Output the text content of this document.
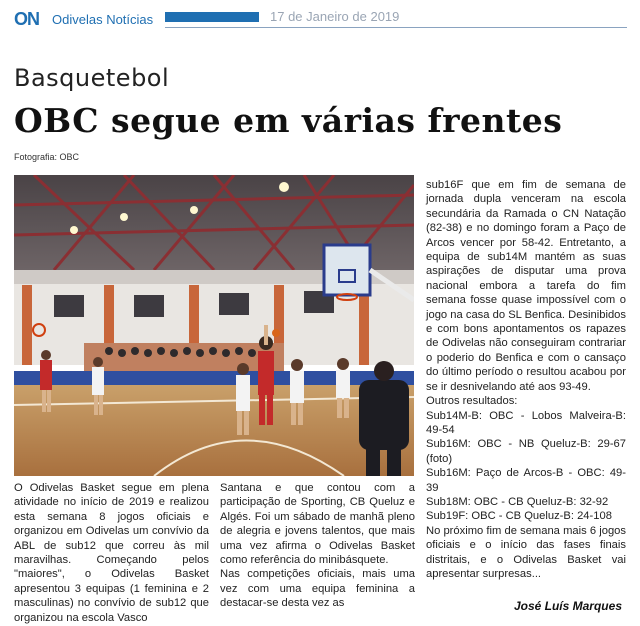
ON Odivelas Notícias	17 de Janeiro de 2019
Basquetebol
OBC segue em várias frentes
Fotografia: OBC

O Odivelas Basket segue em plena atividade no início de 2019 e realizou esta semana 8 jogos oficiais e organizou em Odivelas um convívio da ABL de sub12 que correu às mil maravilhas. Começando pelos "maiores", o Odivelas Basket apresentou 3 equipas (1 feminina e 2 masculinas) no convívio de sub12 que organizou na escola Vasco

Santana e que contou com a participação de Sporting, CB Queluz e Algés. Foi um sábado de manhã pleno de alegria e jovens talentos, que mais uma vez afirma o Odivelas Basket como referência do minibásquete.

Nas competições oficiais, mais uma vez com uma equipa feminina a destacar-se desta vez as

sub16F que em fim de semana de jornada dupla venceram na escola secundária da Ramada o CN Natação (82-38) e no domingo foram a Paço de Arcos vencer por 58-42. Entretanto, a equipa de sub14M mantém as suas aspirações de disputar uma prova nacional embora a tarefa do fim semana fosse quase impossível com o jogo na casa do SL Benfica. Desinibidos e com bons apontamentos os rapazes de Odivelas não conseguiram contrariar o poderio do Benfica e com o cansaço do último período o resultou acabou por se ir desnivelando até aos 93-49.

Outros resultados:

Sub14M-B: OBC - Lobos Malveira-B: 49-54

Sub16M: OBC - NB Queluz-B: 29-67 (foto)

Sub16M: Paço de Arcos-B - OBC: 49-39

Sub18M: OBC - CB Queluz-B: 32-92

Sub19F: OBC - CB Queluz-B: 24-108

No próximo fim de semana mais 6 jogos oficiais e o início das fases finais distritais, e o Odivelas Basket vai apresentar surpresas...

José Luís Marques
